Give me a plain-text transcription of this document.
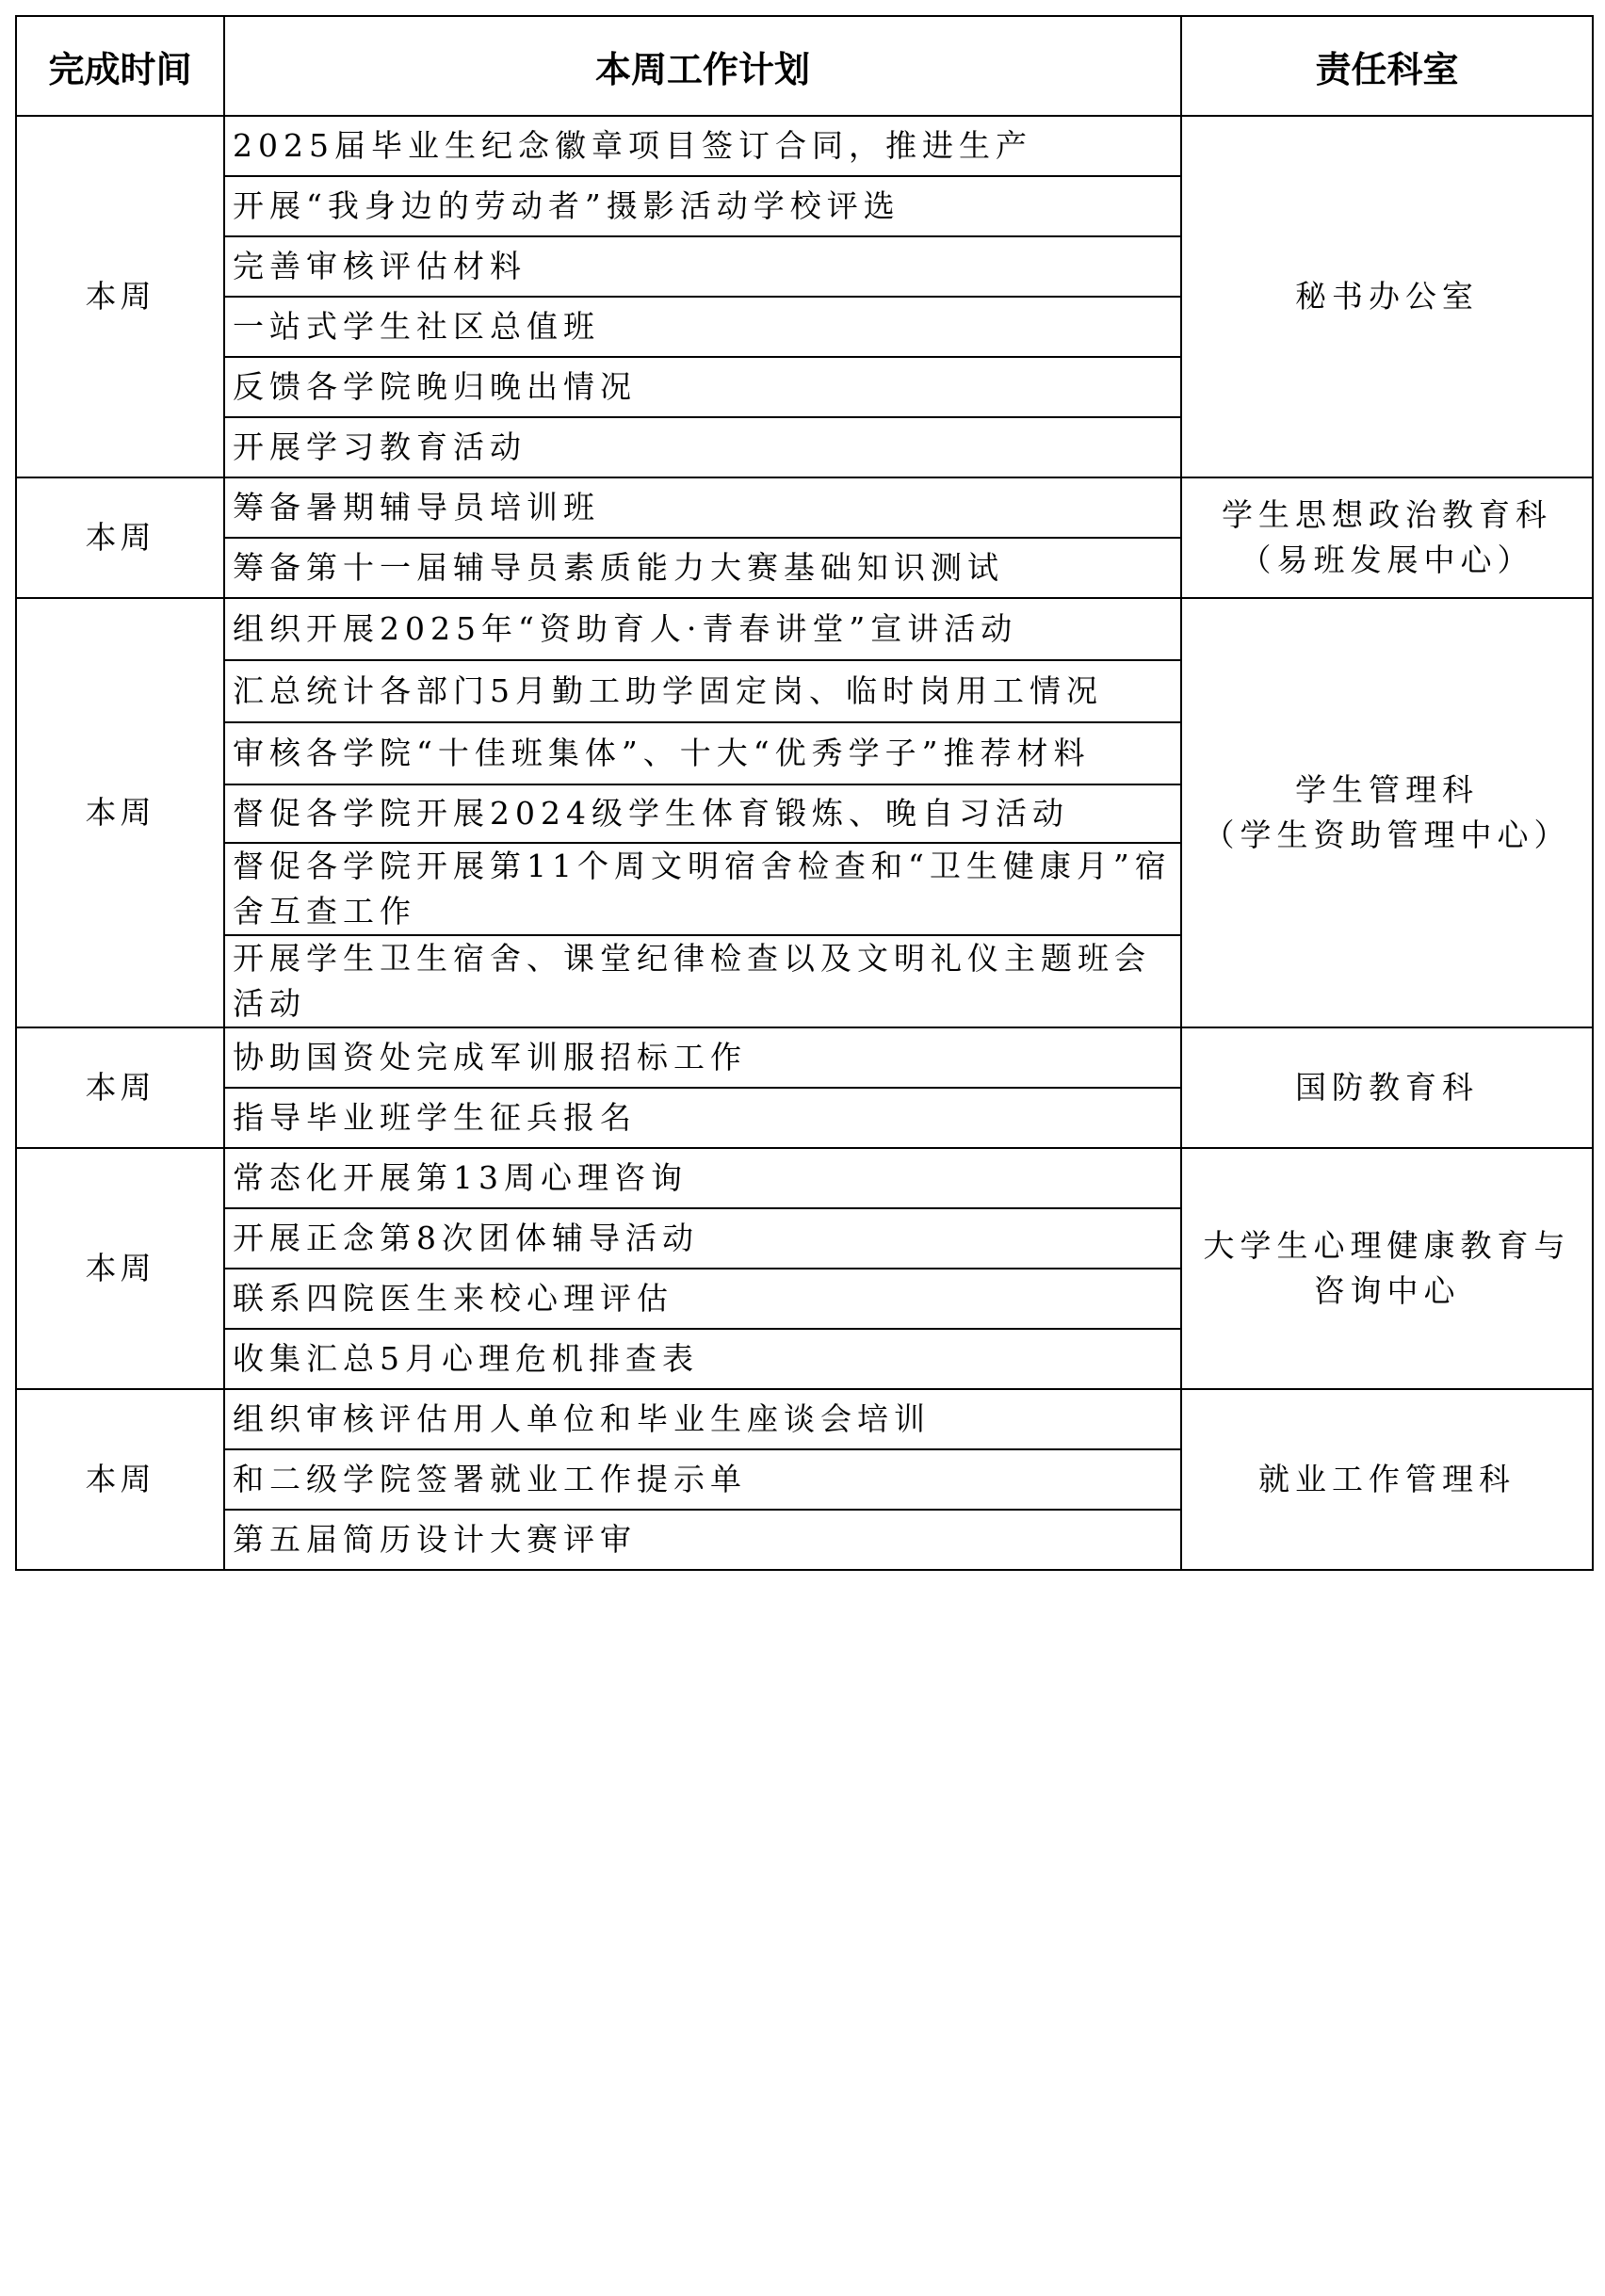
完成时间	本周工作计划	责任科室
本周	2025届毕业生纪念徽章项目签订合同，推进生产	秘书办公室

	开展“我身边的劳动者”摄影活动学校评选	
	完善审核评估材料	
	一站式学生社区总值班	
	反馈各学院晚归晚出情况	
	开展学习教育活动	
本周	筹备暑期辅导员培训班	学生思想政治教育科
（易班发展中心）

	筹备第十一届辅导员素质能力大赛基础知识测试	
本周	组织开展2025年“资助育人·青春讲堂”宣讲活动	学生管理科
（学生资助管理中心）

	汇总统计各部门5月勤工助学固定岗、临时岗用工情况	
	审核各学院“十佳班集体”、十大“优秀学子”推荐材料	
	督促各学院开展2024级学生体育锻炼、晚自习活动	
	督促各学院开展第11个周文明宿舍检查和“卫生健康月”宿舍互查工作	
	开展学生卫生宿舍、课堂纪律检查以及文明礼仪主题班会活动	
本周	协助国资处完成军训服招标工作	国防教育科

	指导毕业班学生征兵报名	
本周	常态化开展第13周心理咨询	大学生心理健康教育与
咨询中心

	开展正念第8次团体辅导活动	
	联系四院医生来校心理评估	
	收集汇总5月心理危机排查表	
本周	组织审核评估用人单位和毕业生座谈会培训	就业工作管理科

	和二级学院签署就业工作提示单	
	第五届简历设计大赛评审	
